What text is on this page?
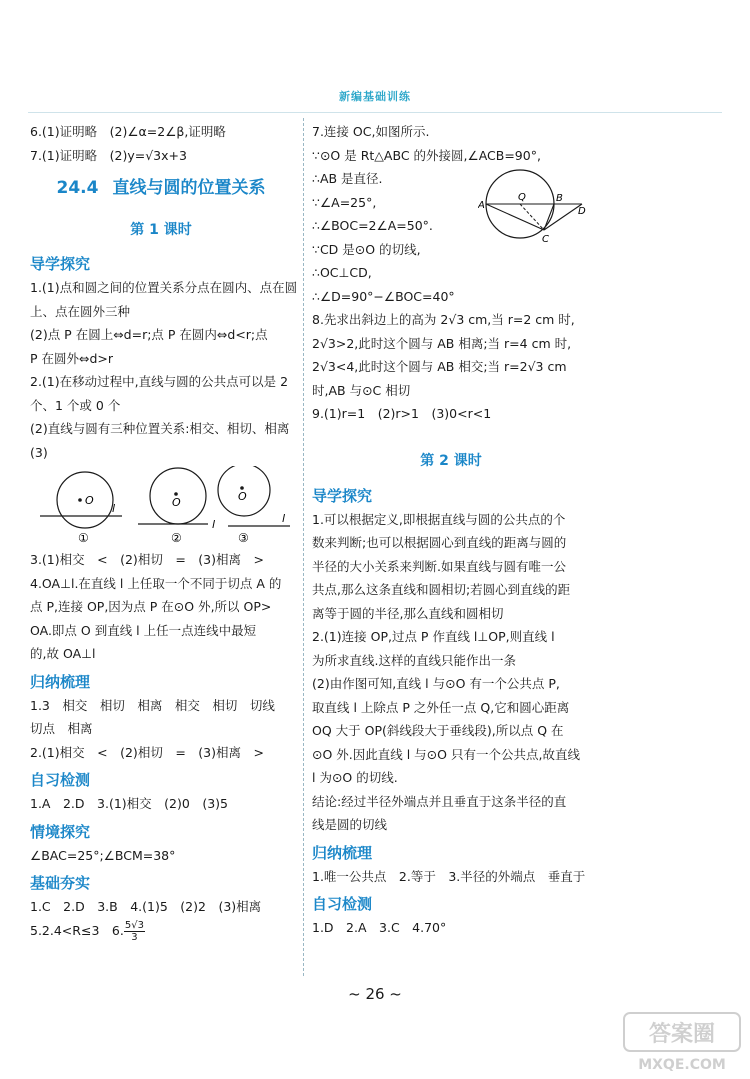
新编基础训练
6.(1)证明略　(2)∠α=2∠β,证明略
7.(1)证明略　(2)y=√3x+3
24.4 直线与圆的位置关系
第 1 课时
导学探究
1.(1)点和圆之间的位置关系分点在圆内、点在圆
上、点在圆外三种
(2)点 P 在圆上⇔d=r;点 P 在圆内⇔d<r;点
P 在圆外⇔d>r
2.(1)在移动过程中,直线与圆的公共点可以是 2
个、1 个或 0 个
(2)直线与圆有三种位置关系:相交、相切、相离
(3)
O
l
①
O
l
②
O
l
③
3.(1)相交　<　(2)相切　=　(3)相离　>
4.OA⊥l.在直线 l 上任取一个不同于切点 A 的
点 P,连接 OP,因为点 P 在⊙O 外,所以 OP>
OA.即点 O 到直线 l 上任一点连线中最短
的,故 OA⊥l
归纳梳理
1.3　相交　相切　相离　相交　相切　切线
切点　相离
2.(1)相交　<　(2)相切　=　(3)相离　>
自习检测
1.A　2.D　3.(1)相交　(2)0　(3)5
情境探究
∠BAC=25°;∠BCM=38°
基础夯实
1.C　2.D　3.B　4.(1)5　(2)2　(3)相离
5.2.4<R≤3　6. $\frac{5√3}{3}$
7.连接 OC,如图所示.
∵⊙O 是 Rt△ABC 的外接圆,∠ACB=90°,
∴AB 是直径.
∵∠A=25°,
∴∠BOC=2∠A=50°.
∵CD 是⊙O 的切线,
∴OC⊥CD,
∴∠D=90°−∠BOC=40°
8.先求出斜边上的高为 2√3 cm,当 r=2 cm 时,
2√3>2,此时这个圆与 AB 相离;当 r=4 cm 时,
2√3<4,此时这个圆与 AB 相交;当 r=2√3 cm
时,AB 与⊙C 相切
9.(1)r=1　(2)r>1　(3)0<r<1
A
Q	B
D
C
第 2 课时
导学探究
1.可以根据定义,即根据直线与圆的公共点的个
数来判断;也可以根据圆心到直线的距离与圆的
半径的大小关系来判断.如果直线与圆有唯一公
共点,那么这条直线和圆相切;若圆心到直线的距
离等于圆的半径,那么直线和圆相切
2.(1)连接 OP,过点 P 作直线 l⊥OP,则直线 l
为所求直线.这样的直线只能作出一条
(2)由作图可知,直线 l 与⊙O 有一个公共点 P,
取直线 l 上除点 P 之外任一点 Q,它和圆心距离
OQ 大于 OP(斜线段大于垂线段),所以点 Q 在
⊙O 外.因此直线 l 与⊙O 只有一个公共点,故直线
l 为⊙O 的切线.
结论:经过半径外端点并且垂直于这条半径的直
线是圆的切线
归纳梳理
1.唯一公共点　2.等于　3.半径的外端点　垂直于
自习检测
1.D　2.A　3.C　4.70°
~ 26 ~
答案圈
MXQE.COM
